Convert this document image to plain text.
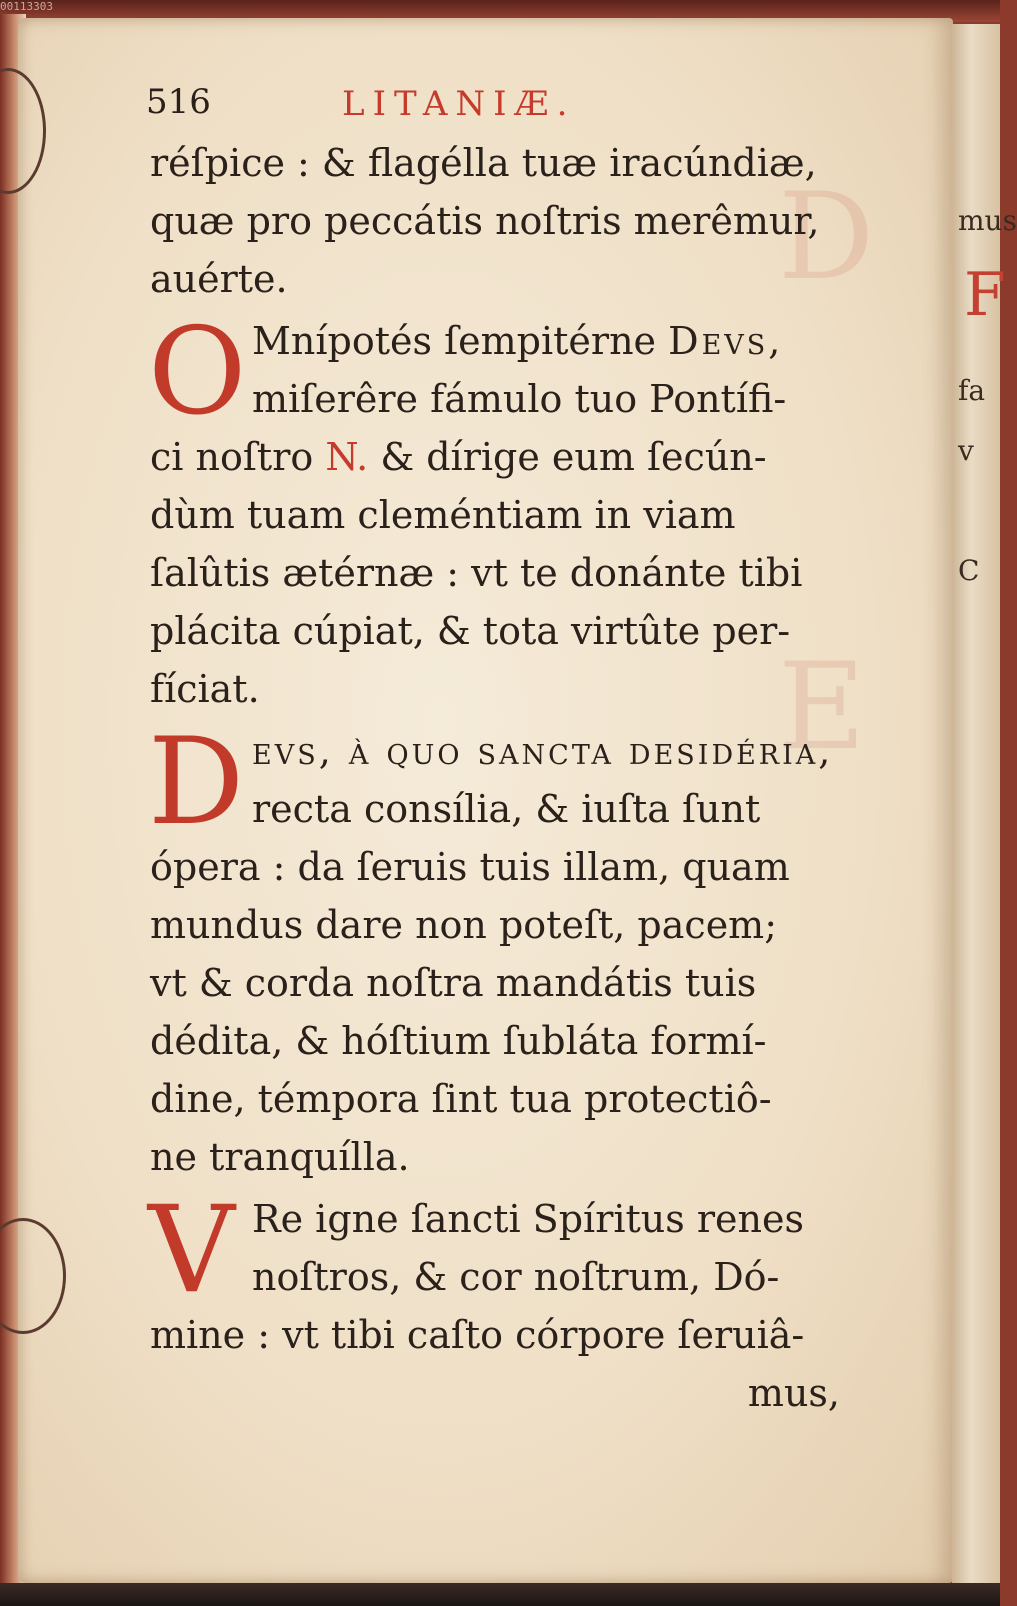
00113303
D
E
mus
F
fa
v
C
516	LITANIÆ.
réſpice : & flagélla tuæ iracúndiæ,
quæ pro peccátis noſtris merêmur,
auérte.
O Mnípotés ſempitérne Devs,
miſerêre fámulo tuo Pontífi-
ci noſtro N. & dírige eum ſecún-
dùm tuam cleméntiam in viam
ſalûtis ætérnæ : vt te donánte tibi
plácita cúpiat, & tota virtûte per-
fíciat.
D evs, à quo ſancta deſidéria,
recta consília, & iuſta ſunt
ópera : da ſeruis tuis illam, quam
mundus dare non poteſt, pacem;
vt & corda noſtra mandátis tuis
dédita, & hóſtium ſubláta formí-
dine, témpora ſint tua protectiô-
ne tranquílla.
V Re igne ſancti Spíritus renes
noſtros, & cor noſtrum, Dó-
mine : vt tibi caſto córpore ſeruiâ-
mus,
